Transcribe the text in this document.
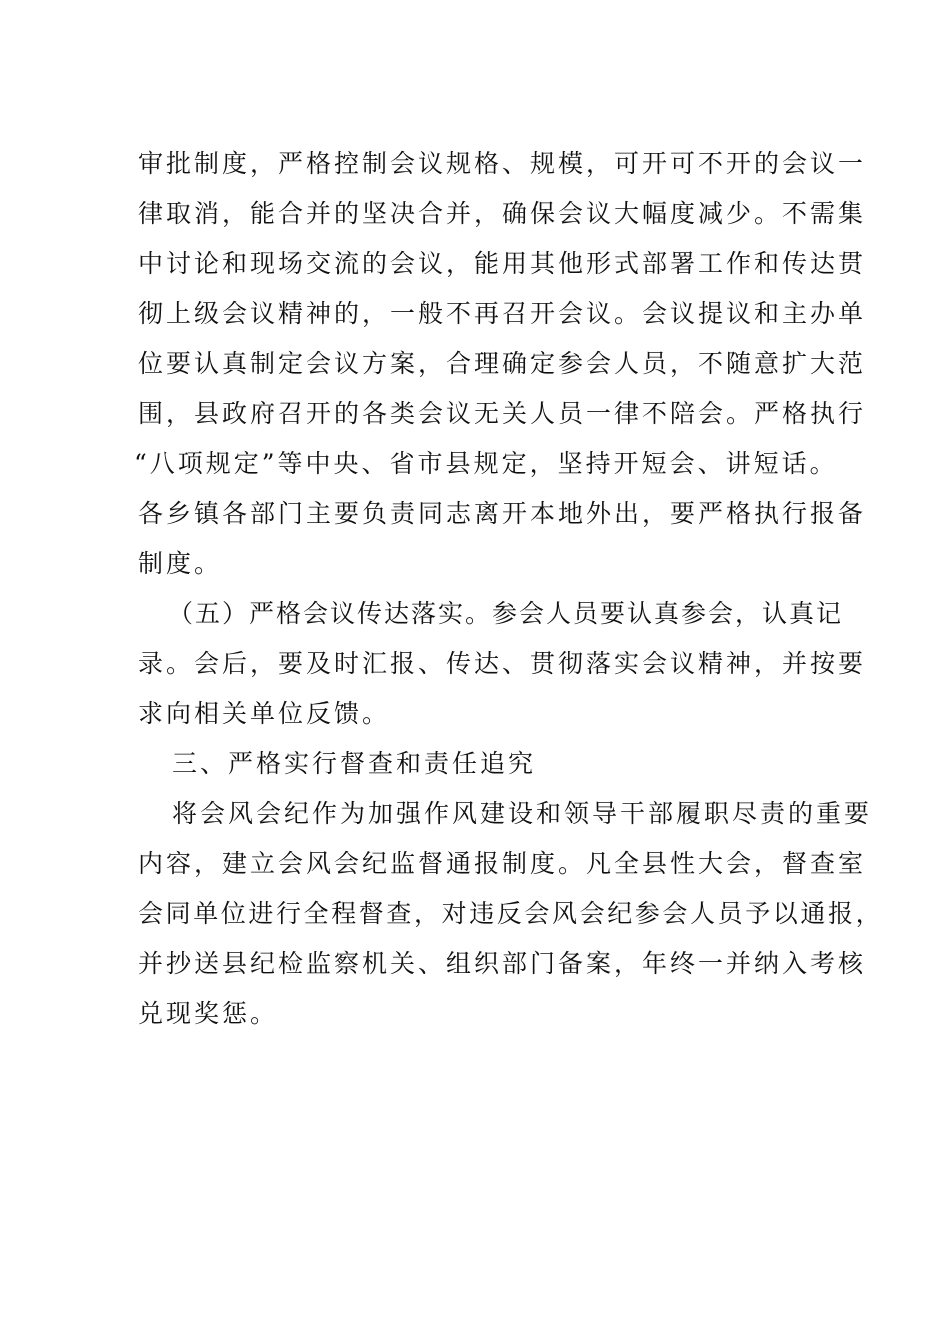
审批制度，严格控制会议规格、规模，可开可不开的会议一
律取消，能合并的坚决合并，确保会议大幅度减少。不需集
中讨论和现场交流的会议，能用其他形式部署工作和传达贯
彻上级会议精神的，一般不再召开会议。会议提议和主办单
位要认真制定会议方案，合理确定参会人员，不随意扩大范
围，县政府召开的各类会议无关人员一律不陪会。严格执行
“八项规定”等中央、省市县规定，坚持开短会、讲短话。
各乡镇各部门主要负责同志离开本地外出，要严格执行报备
制度。
（五）严格会议传达落实。参会人员要认真参会，认真记
录。会后，要及时汇报、传达、贯彻落实会议精神，并按要
求向相关单位反馈。
三、严格实行督查和责任追究
将会风会纪作为加强作风建设和领导干部履职尽责的重要
内容，建立会风会纪监督通报制度。凡全县性大会，督查室
会同单位进行全程督查，对违反会风会纪参会人员予以通报，
并抄送县纪检监察机关、组织部门备案，年终一并纳入考核
兑现奖惩。
